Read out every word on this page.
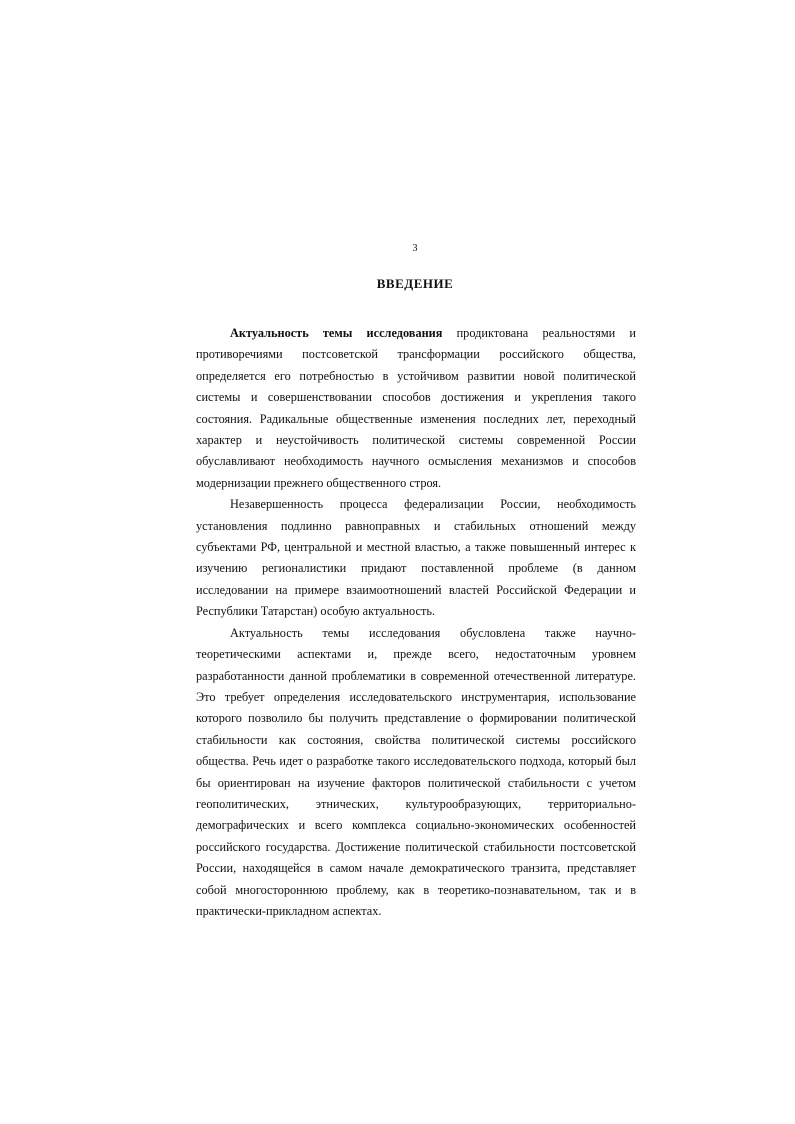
3
ВВЕДЕНИЕ

Актуальность темы исследования продиктована реальностями и противоречиями постсоветской трансформации российского общества, определяется его потребностью в устойчивом развитии новой политической системы и совершенствовании способов достижения и укрепления такого состояния. Радикальные общественные изменения последних лет, переходный характер и неустойчивость политической системы современной России обуславливают необходимость научного осмысления механизмов и способов модернизации прежнего общественного строя.

Незавершенность процесса федерализации России, необходимость установления подлинно равноправных и стабильных отношений между субъектами РФ, центральной и местной властью, а также повышенный интерес к изучению регионалистики придают поставленной проблеме (в данном исследовании на примере взаимоотношений властей Российской Федерации и Республики Татарстан) особую актуальность.

Актуальность темы исследования обусловлена также научно-теоретическими аспектами и, прежде всего, недостаточным уровнем разработанности данной проблематики в современной отечественной литературе. Это требует определения исследовательского инструментария, использование которого позволило бы получить представление о формировании политической стабильности как состояния, свойства политической системы российского общества. Речь идет о разработке такого исследовательского подхода, который был бы ориентирован на изучение факторов политической стабильности с учетом геополитических, этнических, культурообразующих, территориально-демографических и всего комплекса социально-экономических особенностей российского государства. Достижение политической стабильности постсоветской России, находящейся в самом начале демократического транзита, представляет собой многостороннюю проблему, как в теоретико-познавательном, так и в практически-прикладном аспектах.
